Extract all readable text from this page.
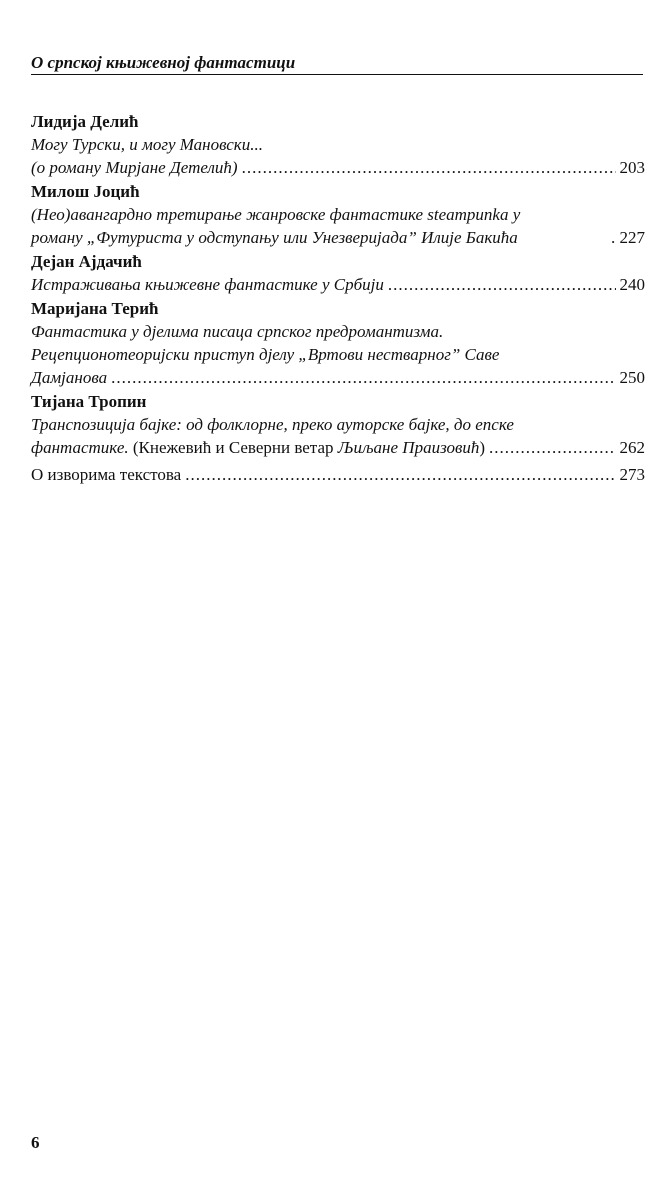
О српској књижевној фантастици
Лидија Делић
Могу Турски, и могу Мановски...
(о роману Мирјане Детелић) .....	203
Милош Јоцић
(Нео)авангардно третирање жанровске фантастике steampunka у
роману „Футуриста у одступању или Унезверијада” Илије Бакића	. 227
Дејан Ајдачић
Истраживања књижевне фантастике у Србији .....	240
Маријана Терић
Фантастика у дјелима писаца српског предромантизма.
Рецепционотеоријски приступ дјелу „Вртови нестварног” Саве
Дамјанова .....	250
Тијана Тропин
Транспозиција бајке: од фолклорне, преко ауторске бајке, до епске
фантастике. (Кнежевић и Северни ветар Љиљане Праизовић) .....	262
О изворима текстова .....	273
6
